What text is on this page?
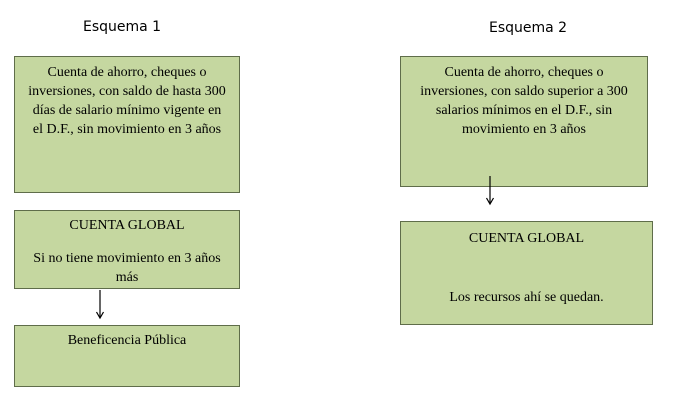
Esquema 1

Cuenta de ahorro, cheques o

inversiones, con saldo de hasta 300

días de salario mínimo vigente en

el D.F., sin movimiento en 3 años

CUENTA GLOBAL

Si no tiene movimiento en 3 años

más

Beneficencia Pública

Esquema 2

Cuenta de ahorro, cheques o

inversiones, con saldo superior a 300

salarios mínimos en el D.F., sin

movimiento en 3 años

CUENTA GLOBAL

Los recursos ahí se quedan.
